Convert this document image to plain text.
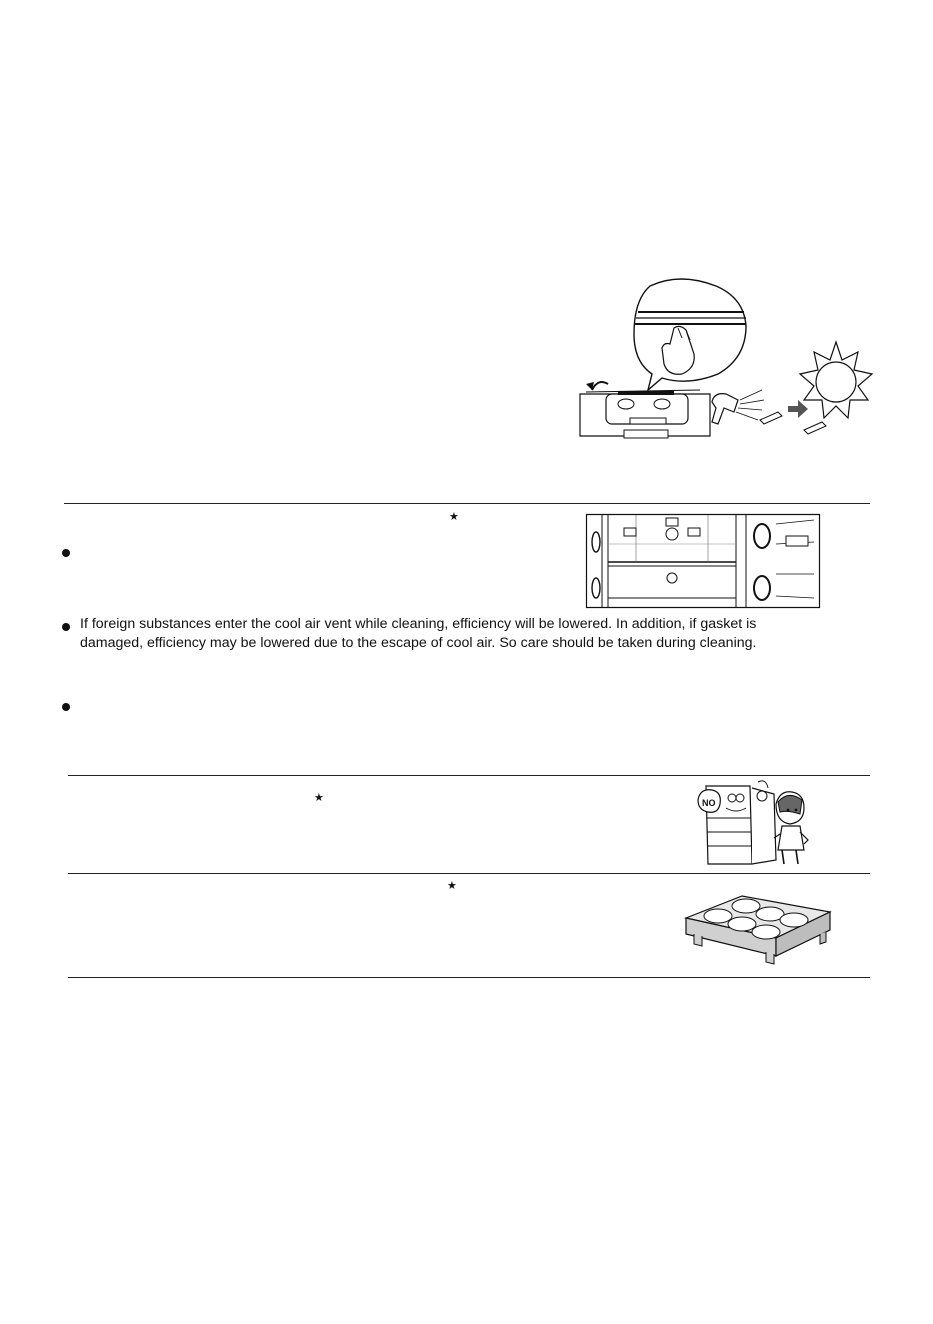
★
If foreign substances enter the cool air vent while cleaning, efficiency will be lowered. In addition, if gasket is
damaged, efficiency may be lowered due to the escape of cool air. So care should be taken during cleaning.
★	NO
★
